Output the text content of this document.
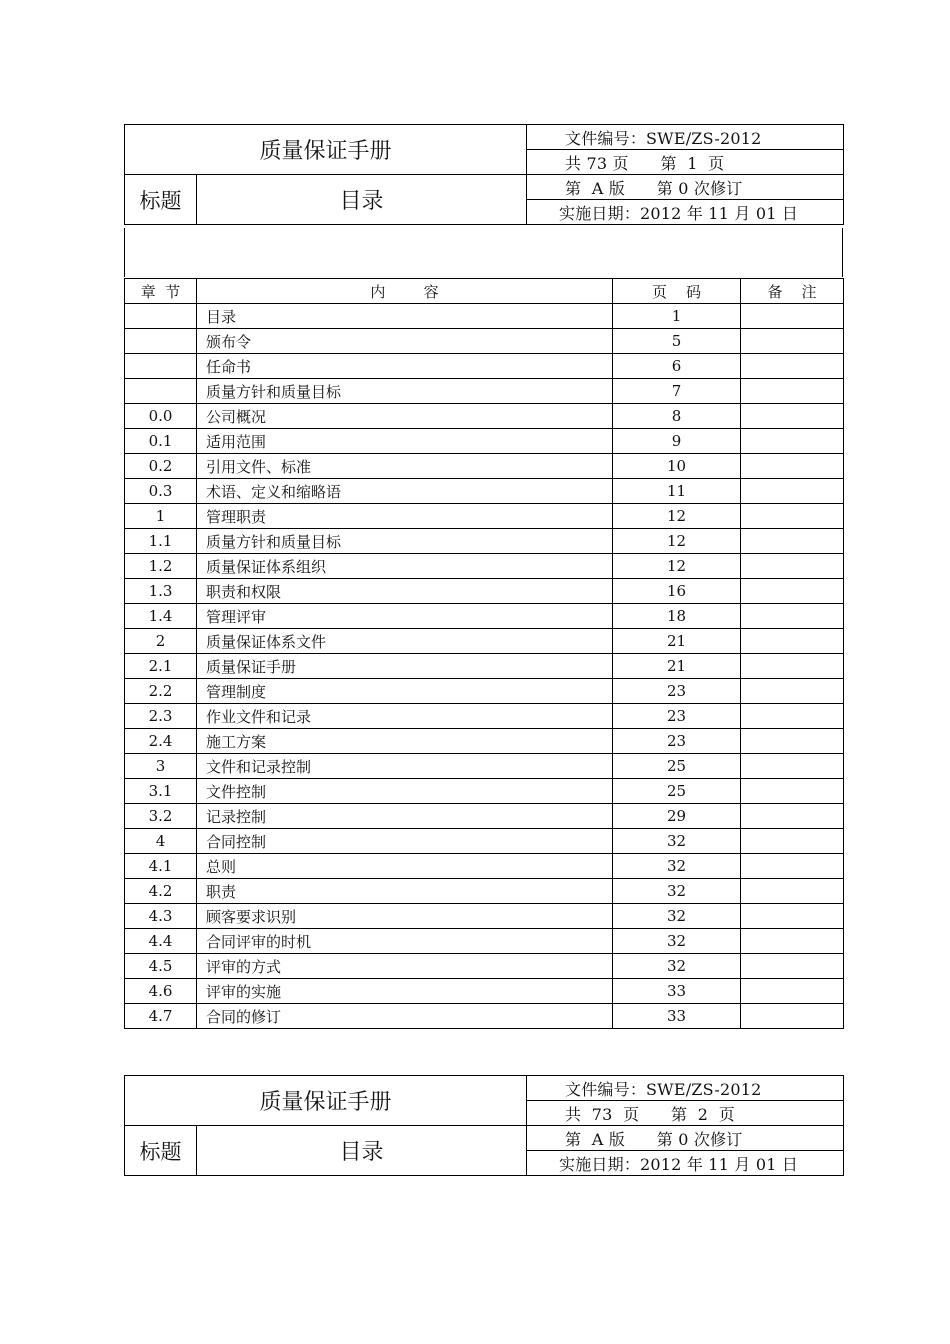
质量保证手册		文件编号：SWE/ZS-2012
		共 73 页      第  1  页
标题	目录	第  A 版      第 0 次修订
		实施日期：2012 年 11 月 01 日
章  节	内        容	页    码	备    注
	目录	1	
	颁布令	5	
	任命书	6	
	质量方针和质量目标	7	
0.0	公司概况	8	
0.1	适用范围	9	
0.2	引用文件、标准	10	
0.3	术语、定义和缩略语	11	
1	管理职责	12	
1.1	质量方针和质量目标	12	
1.2	质量保证体系组织	12	
1.3	职责和权限	16	
1.4	管理评审	18	
2	质量保证体系文件	21	
2.1	质量保证手册	21	
2.2	管理制度	23	
2.3	作业文件和记录	23	
2.4	施工方案	23	
3	文件和记录控制	25	
3.1	文件控制	25	
3.2	记录控制	29	
4	合同控制	32	
4.1	总则	32	
4.2	职责	32	
4.3	顾客要求识别	32	
4.4	合同评审的时机	32	
4.5	评审的方式	32	
4.6	评审的实施	33	
4.7	合同的修订	33	
质量保证手册		文件编号：SWE/ZS-2012
		共  73  页      第  2  页
标题	目录	第  A 版      第 0 次修订
		实施日期：2012 年 11 月 01 日
